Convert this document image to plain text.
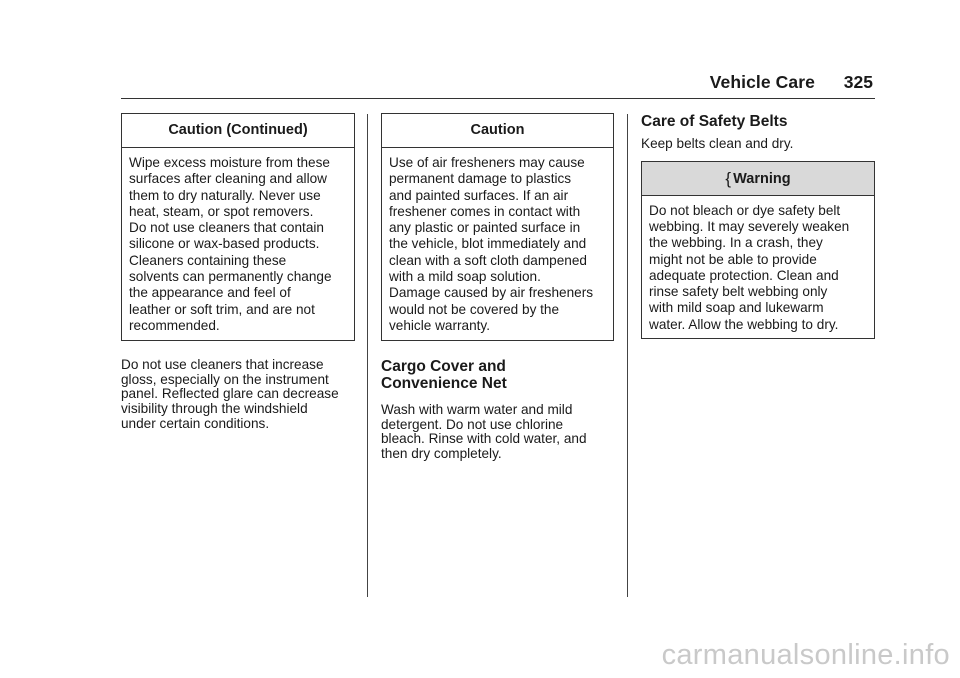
Vehicle Care 325
Caution (Continued)
Wipe excess moisture from these
surfaces after cleaning and allow
them to dry naturally. Never use
heat, steam, or spot removers.
Do not use cleaners that contain
silicone or wax-based products.
Cleaners containing these
solvents can permanently change
the appearance and feel of
leather or soft trim, and are not
recommended.
Do not use cleaners that increase
gloss, especially on the instrument
panel. Reflected glare can decrease
visibility through the windshield
under certain conditions.
Caution
Use of air fresheners may cause
permanent damage to plastics
and painted surfaces. If an air
freshener comes in contact with
any plastic or painted surface in
the vehicle, blot immediately and
clean with a soft cloth dampened
with a mild soap solution.
Damage caused by air fresheners
would not be covered by the
vehicle warranty.
Cargo Cover and
Convenience Net
Wash with warm water and mild
detergent. Do not use chlorine
bleach. Rinse with cold water, and
then dry completely.
Care of Safety Belts
Keep belts clean and dry.
{ Warning
Do not bleach or dye safety belt
webbing. It may severely weaken
the webbing. In a crash, they
might not be able to provide
adequate protection. Clean and
rinse safety belt webbing only
with mild soap and lukewarm
water. Allow the webbing to dry.
carmanualsonline.info
